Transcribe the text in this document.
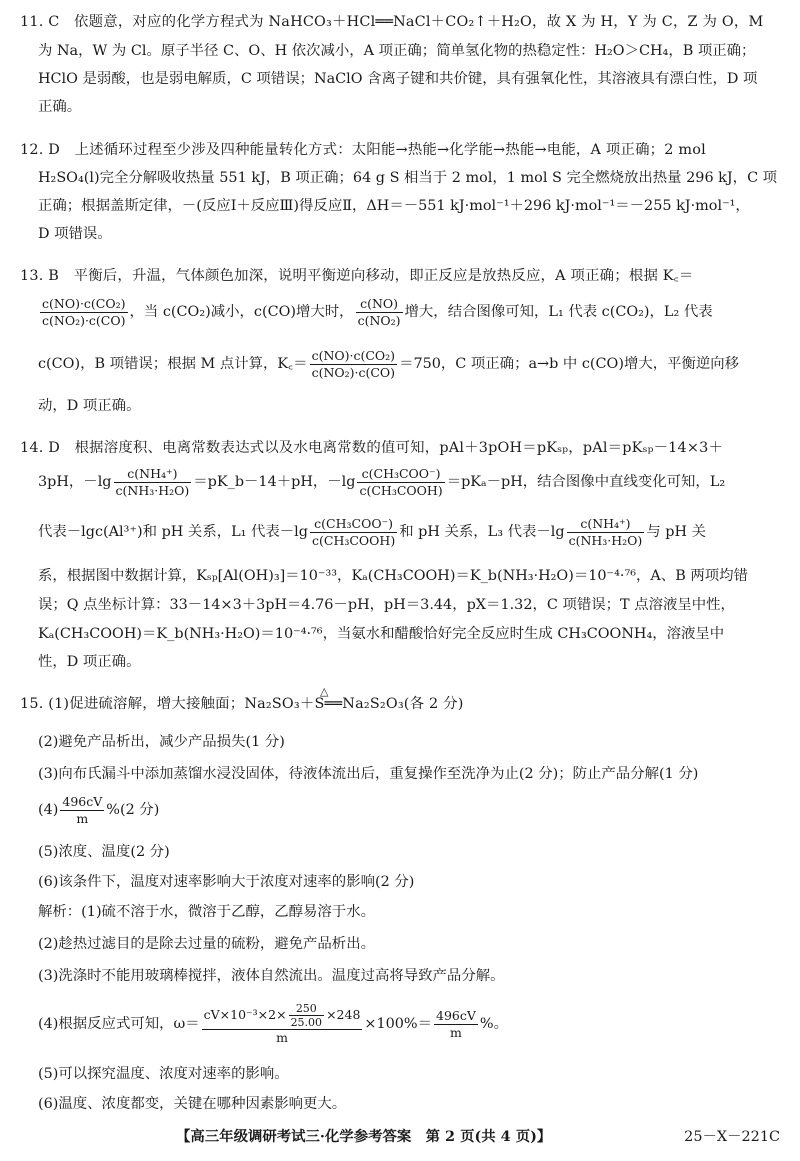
11. C　依题意，对应的化学方程式为 NaHCO₃＋HCl══NaCl＋CO₂↑＋H₂O，故 X 为 H，Y 为 C，Z 为 O，M
为 Na，W 为 Cl。原子半径 C、O、H 依次减小，A 项正确；简单氢化物的热稳定性：H₂O＞CH₄，B 项正确；
HClO 是弱酸，也是弱电解质，C 项错误；NaClO 含离子键和共价键，具有强氧化性，其溶液具有漂白性，D 项
正确。
12. D　上述循环过程至少涉及四种能量转化方式：太阳能→热能→化学能→热能→电能，A 项正确；2 mol
H₂SO₄(l)完全分解吸收热量 551 kJ，B 项正确；64 g S 相当于 2 mol，1 mol S 完全燃烧放出热量 296 kJ，C 项
正确；根据盖斯定律，－(反应Ⅰ＋反应Ⅲ)得反应Ⅱ，ΔH＝－551 kJ·mol⁻¹＋296 kJ·mol⁻¹＝－255 kJ·mol⁻¹，
D 项错误。
13. B　平衡后，升温，气体颜色加深，说明平衡逆向移动，即正反应是放热反应，A 项正确；根据 K꜀＝
$\frac{\text{c(NO)·c(CO₂)}}{\text{c(NO₂)·c(CO)}}$ ，当 c(CO₂)减小，c(CO)增大时， $\frac{c(NO)}{\text{c(NO₂)}}$ 增大，结合图像可知，L₁ 代表 c(CO₂)，L₂ 代表
c(CO)，B 项错误；根据 M 点计算，K꜀＝ $\frac{\text{c(NO)·c(CO₂)}}{\text{c(NO₂)·c(CO)}} =750$，C 项正确；a→b 中 c(CO)增大，平衡逆向移
动，D 项正确。
14. D　根据溶度积、电离常数表达式以及水电离常数的值可知，pAl＋3pOH＝pKₛₚ，pAl＝pKₛₚ－14×3＋
3pH，$-\lg \frac{\text{c(NH₄⁺)}}{\text{c(NH₃·H₂O)}}$ ＝pK_b－14＋pH，$-\lg \frac{\text{c(CH₃COO⁻)}}{\text{c(CH₃COOH)}} =pK_a-pH$，结合图像中直线变化可知，L₂
代表－lgc(Al³⁺)和 pH 关系，L₁ 代表$-\lg \frac{\text{c(CH₃COO⁻)}}{\text{c(CH₃COOH)}}$ 和 pH 关系，L₃ 代表$-\lg \frac{\text{c(NH₄⁺)}}{\text{c(NH₃·H₂O)}}$ 与 pH 关
系，根据图中数据计算，Kₛₚ[Al(OH)₃]＝10⁻³³，Kₐ(CH₃COOH)＝K_b(NH₃·H₂O)＝10⁻⁴·⁷⁶，A、B 两项均错
误；Q 点坐标计算：33－14×3＋3pH＝4.76－pH，pH＝3.44，pX＝1.32，C 项错误；T 点溶液呈中性，
Kₐ(CH₃COOH)＝K_b(NH₃·H₂O)＝10⁻⁴·⁷⁶，当氨水和醋酸恰好完全反应时生成 CH₃COONH₄，溶液呈中
性，D 项正确。
15. (1)促进硫溶解，增大接触面；Na₂SO₃＋S══Na₂S₂O₃(各 2 分)
△
(2)避免产品析出，减少产品损失(1 分)
(3)向布氏漏斗中添加蒸馏水浸没固体，待液体流出后，重复操作至洗净为止(2 分)；防止产品分解(1 分)
$(4) \frac{496cV}{m} \%(2$ 分)
(5)浓度、温度(2 分)
(6)该条件下，温度对速率影响大于浓度对速率的影响(2 分)
解析：(1)硫不溶于水，微溶于乙醇，乙醇易溶于水。
(2)趁热过滤目的是除去过量的硫粉，避免产品析出。
(3)洗涤时不能用玻璃棒搅拌，液体自然流出。温度过高将导致产品分解。
(4)根据反应式可知，$\omega= \frac{cV\times 10^{-3}\times 2\times \frac{250}{25.00} \times 248}{m} \times 100\%= \frac{496cV}{m}$ %。
(5)可以探究温度、浓度对速率的影响。
(6)温度、浓度都变，关键在哪种因素影响更大。
【高三年级调研考试三·化学参考答案　第 2 页(共 4 页)】	25－X－221C
